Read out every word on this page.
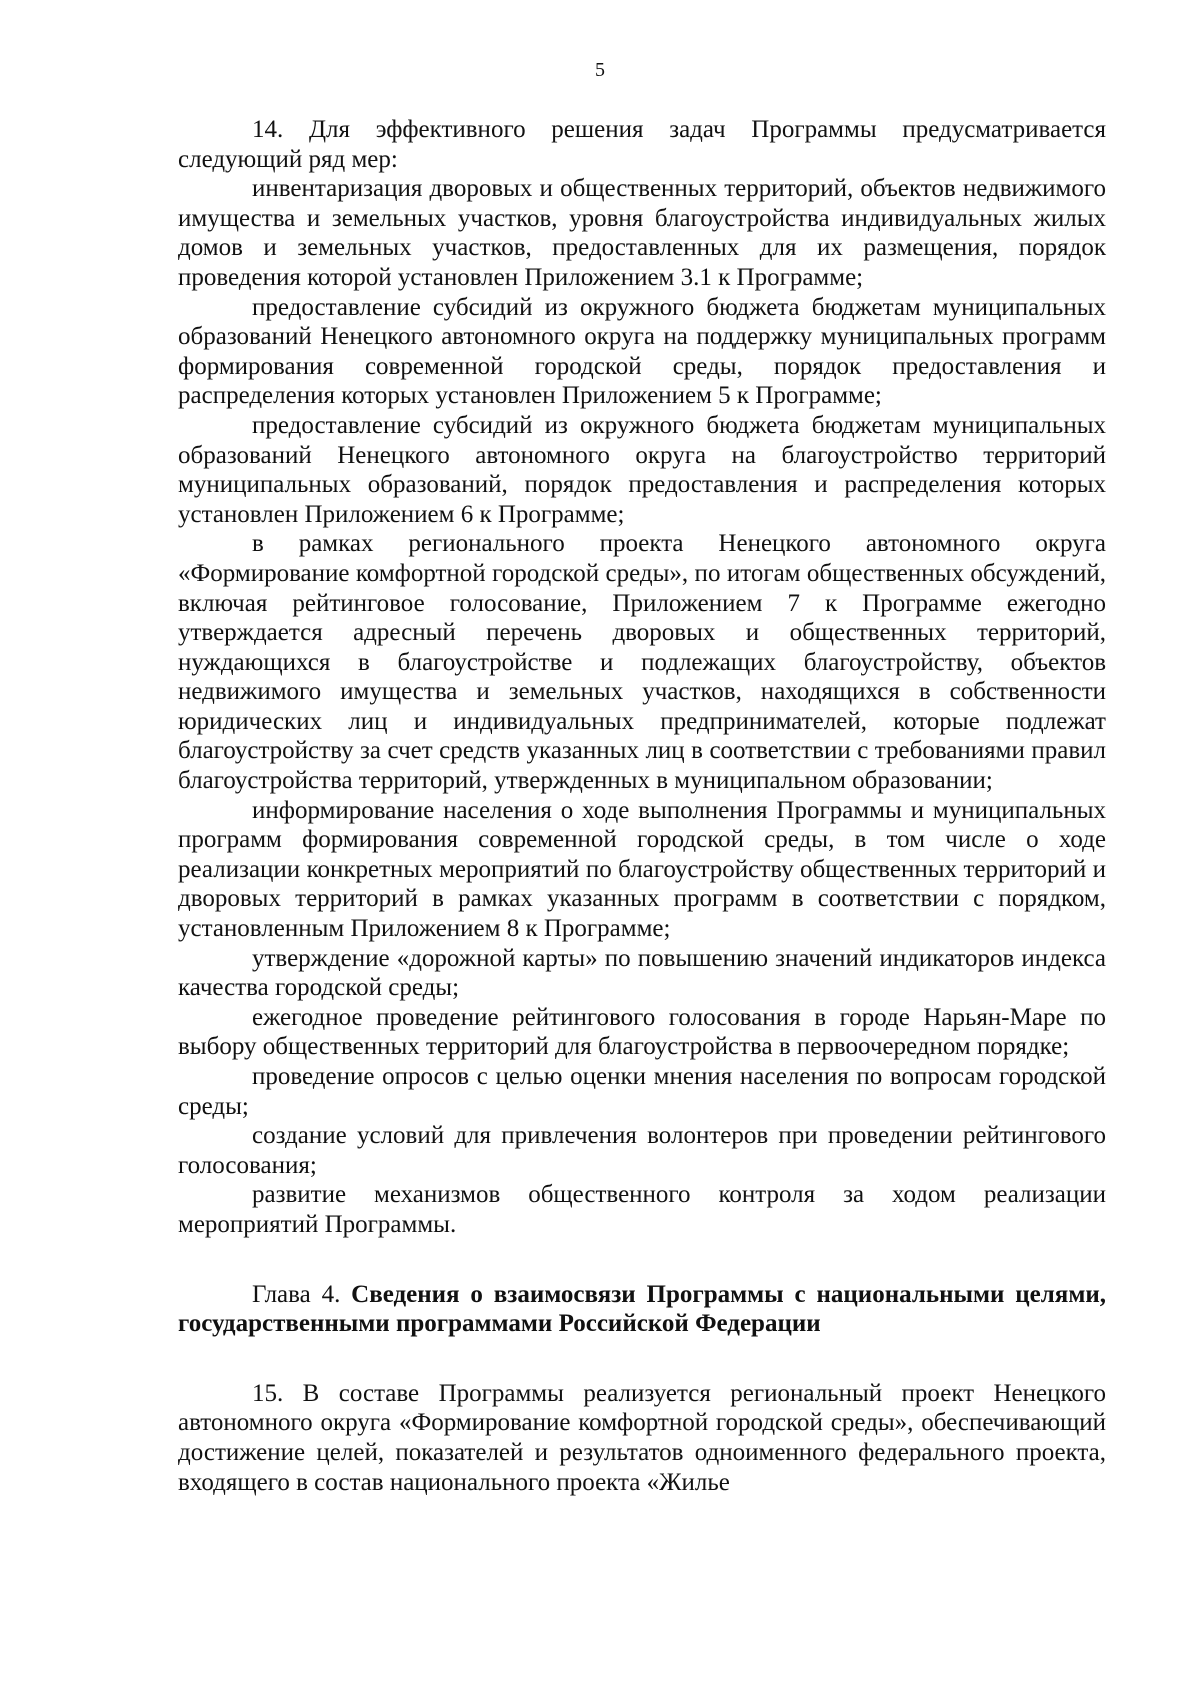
5

14. Для эффективного решения задач Программы предусматривается следующий ряд мер:

инвентаризация дворовых и общественных территорий, объектов недвижимого имущества и земельных участков, уровня благоустройства индивидуальных жилых домов и земельных участков, предоставленных для их размещения, порядок проведения которой установлен Приложением 3.1 к Программе;

предоставление субсидий из окружного бюджета бюджетам муниципальных образований Ненецкого автономного округа на поддержку муниципальных программ формирования современной городской среды, порядок предоставления и распределения которых установлен Приложением 5 к Программе;

предоставление субсидий из окружного бюджета бюджетам муниципальных образований Ненецкого автономного округа на благоустройство территорий муниципальных образований, порядок предоставления и распределения которых установлен Приложением 6 к Программе;

в рамках регионального проекта Ненецкого автономного округа «Формирование комфортной городской среды», по итогам общественных обсуждений, включая рейтинговое голосование, Приложением 7 к Программе ежегодно утверждается адресный перечень дворовых и общественных территорий, нуждающихся в благоустройстве и подлежащих благоустройству, объектов недвижимого имущества и земельных участков, находящихся в собственности юридических лиц и индивидуальных предпринимателей, которые подлежат благоустройству за счет средств указанных лиц в соответствии с требованиями правил благоустройства территорий, утвержденных в муниципальном образовании;

информирование населения о ходе выполнения Программы и муниципальных программ формирования современной городской среды, в том числе о ходе реализации конкретных мероприятий по благоустройству общественных территорий и дворовых территорий в рамках указанных программ в соответствии с порядком, установленным Приложением 8 к Программе;

утверждение «дорожной карты» по повышению значений индикаторов индекса качества городской среды;

ежегодное проведение рейтингового голосования в городе Нарьян-Маре по выбору общественных территорий для благоустройства в первоочередном порядке;

проведение опросов с целью оценки мнения населения по вопросам городской среды;

создание условий для привлечения волонтеров при проведении рейтингового голосования;

развитие механизмов общественного контроля за ходом реализации мероприятий Программы.

Глава 4. Сведения о взаимосвязи Программы с национальными целями, государственными программами Российской Федерации

15. В составе Программы реализуется региональный проект Ненецкого автономного округа «Формирование комфортной городской среды», обеспечивающий достижение целей, показателей и результатов одноименного федерального проекта, входящего в состав национального проекта «Жилье
